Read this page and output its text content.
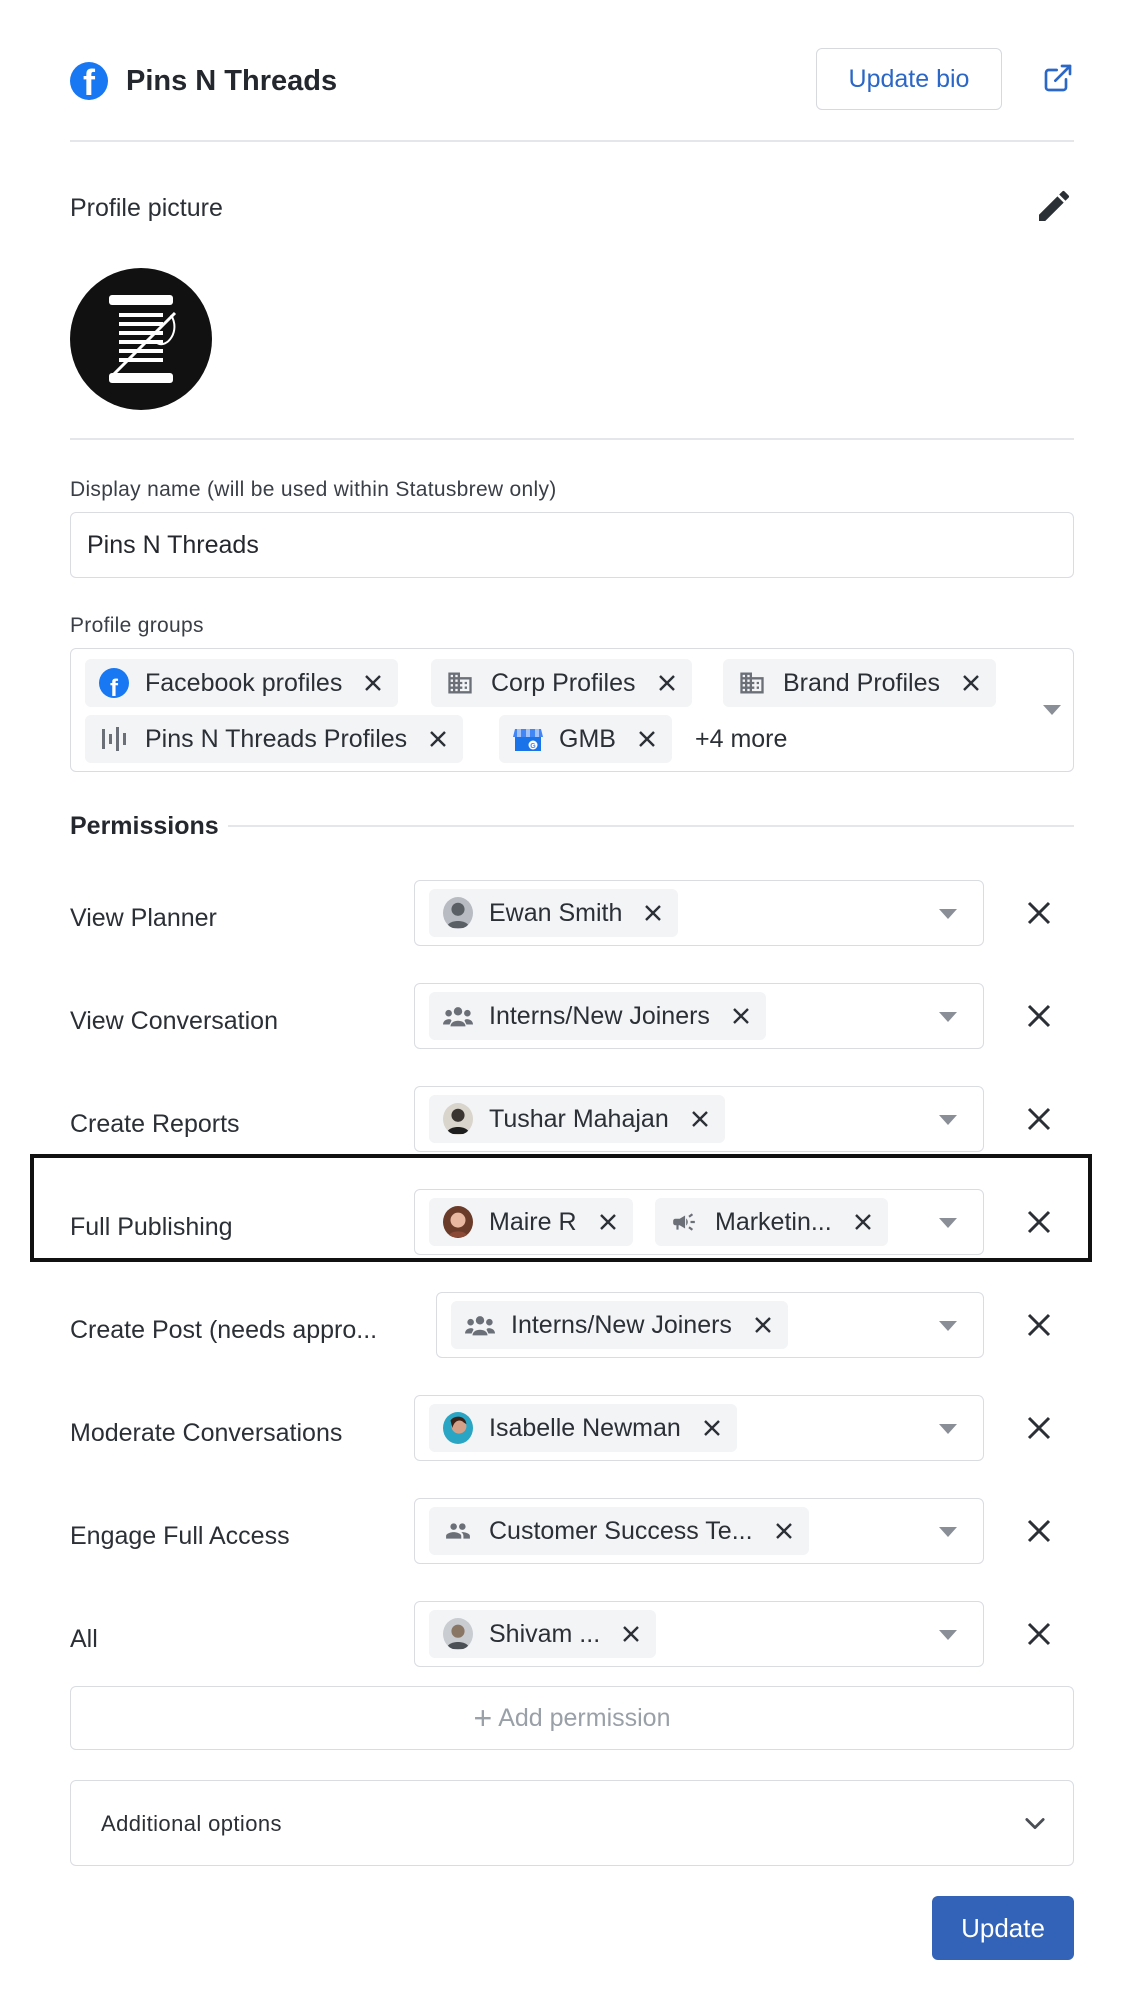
f Pins N Threads	Update bio
Profile picture
Display name (will be used within Statusbrew only)
Pins N Threads
Profile groups
f Facebook profiles	Corp Profiles	Brand Profiles
Pins N Threads Profiles	G GMB	+4 more
Permissions
View Planner	Ewan Smith
View Conversation	Interns/New Joiners
Create Reports	Tushar Mahajan
Full Publishing	Maire R	Marketin...
Create Post (needs appro...	Interns/New Joiners
Moderate Conversations	Isabelle Newman
Engage Full Access	Customer Success Te...
All	Shivam ...
+ Add permission
Additional options
Update
